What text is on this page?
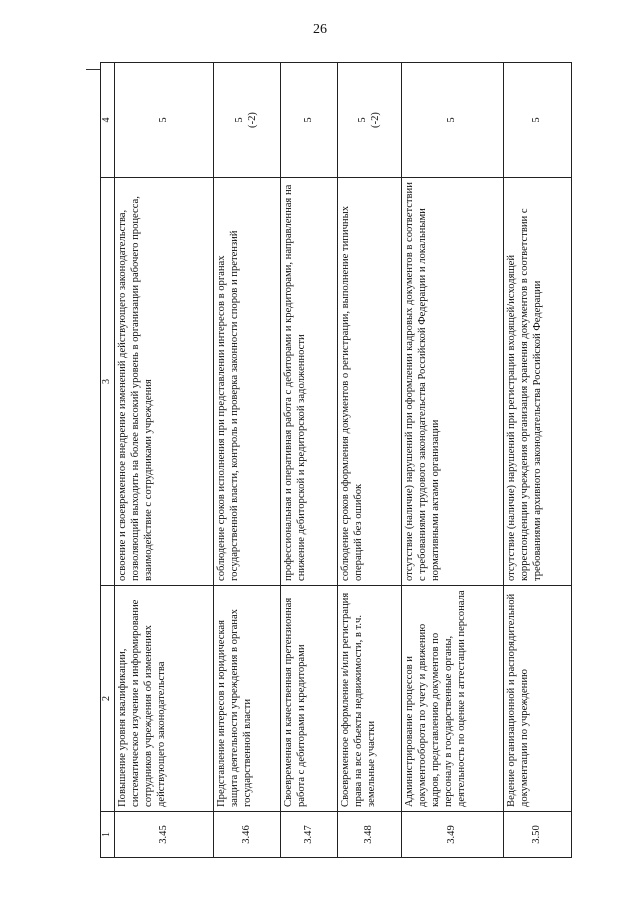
26
1	2	3	4
3.45	Повышение уровня квалификации, систематическое изучение и информирование сотрудников учреждения об изменениях действующего законодательства	освоение и своевременное внедрение изменений действующего законодательства, позволяющий выходить на более высокий уровень в организации рабочего процесса, взаимодействие с сотрудниками учреждения	5

3.46	Представление интересов и юридическая защита деятельности учреждения в органах государственной власти	соблюдение сроков исполнения при представлении интересов в органах государственной власти, контроль и проверка законности споров и претензий	5 (-2)

3.47	Своевременная и качественная претензионная работа с дебиторами и кредиторами	профессиональная и оперативная работа с дебиторами и кредиторами, направленная на снижение дебиторской и кредиторской задолженности	5

3.48	Своевременное оформление и/или регистрация права на все объекты недвижимости, в т.ч. земельные участки	соблюдение сроков оформления документов о регистрации, выполнение типичных операций без ошибок	5 (-2)

3.49	Администрирование процессов и документооборота по учету и движению кадров, представлению документов по персоналу в государственные органы, деятельность по оценке и аттестации персонала	отсутствие (наличие) нарушений при оформлении кадровых документов в соответствии с требованиями трудового законодательства Российской Федерации и локальными нормативными актами организации	5

3.50	Ведение организационной и распорядительной документации по учреждению	отсутствие (наличие) нарушений при регистрации входящей/исходящей корреспонденции учреждения организация хранения документов в соответствии с требованиями архивного законодательства Российской Федерации	5
